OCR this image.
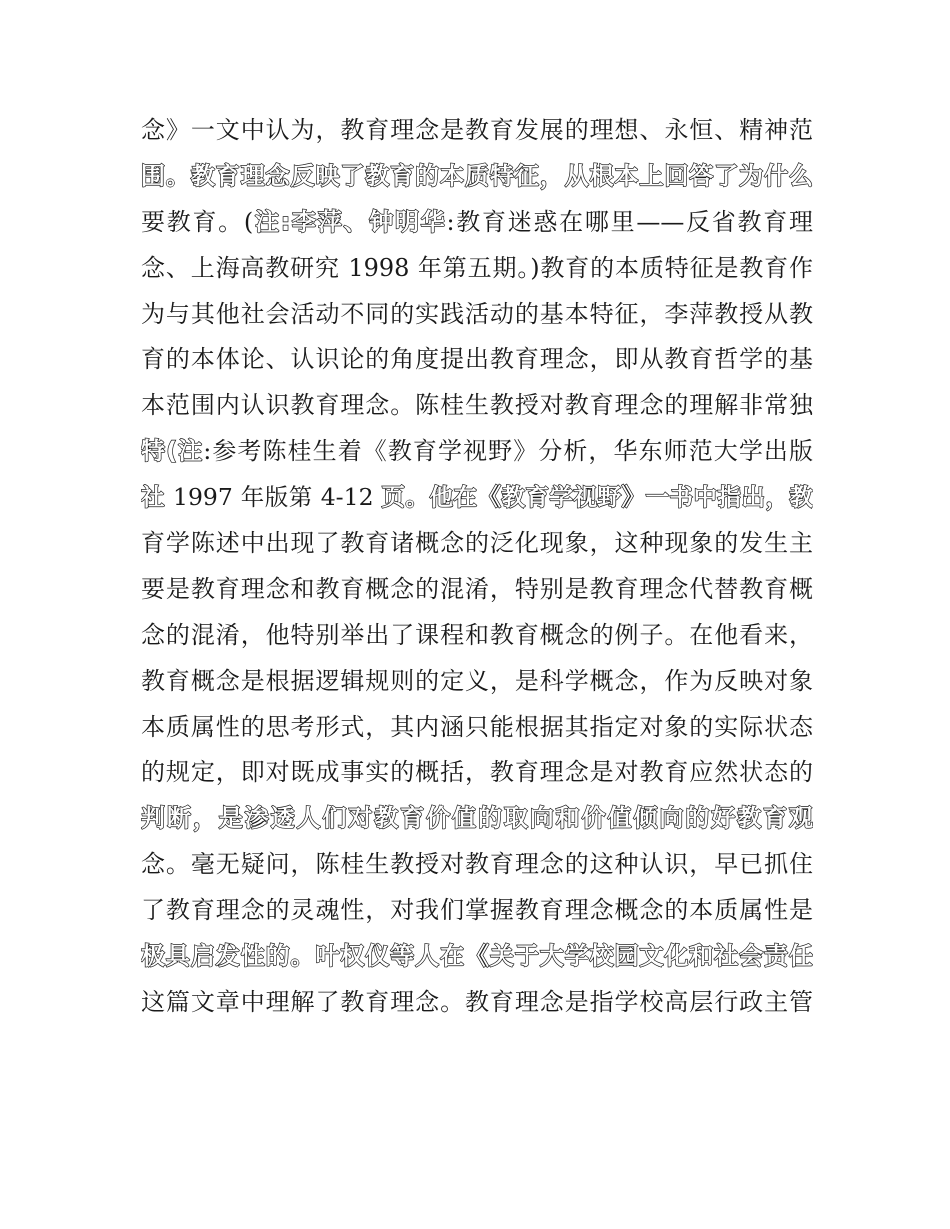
念》一文中认为，教育理念是教育发展的理想、永恒、精神范
围。教育理念反映了教育的本质特征，从根本上回答了为什么
要教育。(注:李萍、钟明华:教育迷惑在哪里——反省教育理
念、上海高教研究 1998 年第五期。)教育的本质特征是教育作
为与其他社会活动不同的实践活动的基本特征，李萍教授从教
育的本体论、认识论的角度提出教育理念，即从教育哲学的基
本范围内认识教育理念。陈桂生教授对教育理念的理解非常独
特(注:参考陈桂生着《教育学视野》分析，华东师范大学出版
社 1997 年版第 4-12 页。他在《教育学视野》一书中指出，教
育学陈述中出现了教育诸概念的泛化现象，这种现象的发生主
要是教育理念和教育概念的混淆，特别是教育理念代替教育概
念的混淆，他特别举出了课程和教育概念的例子。在他看来，
教育概念是根据逻辑规则的定义，是科学概念，作为反映对象
本质属性的思考形式，其内涵只能根据其指定对象的实际状态
的规定，即对既成事实的概括，教育理念是对教育应然状态的
判断，是渗透人们对教育价值的取向和价值倾向的好教育观
念。毫无疑问，陈桂生教授对教育理念的这种认识，早已抓住
了教育理念的灵魂性，对我们掌握教育理念概念的本质属性是
极具启发性的。叶权仪等人在《关于大学校园文化和社会责任
这篇文章中理解了教育理念。教育理念是指学校高层行政主管
